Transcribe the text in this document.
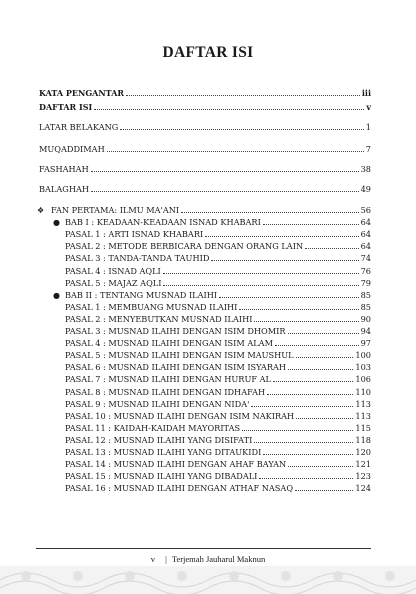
DAFTAR ISI
KATA PENGANTAR	iii
DAFTAR ISI	v
LATAR BELAKANG	1
MUQADDIMAH	7
FASHAHAH	38
BALAGHAH	49
❖ FAN PERTAMA: ILMU MA'ANI	56
● BAB I : KEADAAN-KEADAAN ISNAD KHABARI	64
PASAL 1 : ARTI ISNAD KHABARI	64
PASAL 2 : METODE BERBICARA DENGAN ORANG LAIN	64
PASAL 3 : TANDA-TANDA TAUHID	74
PASAL 4 : ISNAD AQLI	76
PASAL 5 : MAJAZ AQLI	79
● BAB II : TENTANG MUSNAD ILAIHI	85
PASAL 1 : MEMBUANG MUSNAD ILAIHI	85
PASAL 2 : MENYEBUTKAN MUSNAD ILAIHI	90
PASAL 3 : MUSNAD ILAIHI DENGAN ISIM DHOMIR	94
PASAL 4 : MUSNAD ILAIHI DENGAN ISIM ALAM	97
PASAL 5 : MUSNAD ILAIHI DENGAN ISIM MAUSHUL	100
PASAL 6 : MUSNAD ILAIHI DENGAN ISIM ISYARAH	103
PASAL 7 : MUSNAD ILAIHI DENGAN HURUF AL	106
PASAL 8 : MUSNAD ILAIHI DENGAN IDHAFAH	110
PASAL 9 : MUSNAD ILAIHI DENGAN NIDA'	113
PASAL 10 : MUSNAD ILAIHI DENGAN ISIM NAKIRAH	113
PASAL 11 : KAIDAH-KAIDAH MAYORITAS	115
PASAL 12 : MUSNAD ILAIHI YANG DISIFATI	118
PASAL 13 : MUSNAD ILAIHI YANG DITAUKIDI	120
PASAL 14 : MUSNAD ILAIHI DENGAN AHAF BAYAN	121
PASAL 15 : MUSNAD ILAIHI YANG DIBADALI	123
PASAL 16 : MUSNAD ILAIHI DENGAN ATHAF NASAQ	124
v | Terjemah Jauharul Maknun
